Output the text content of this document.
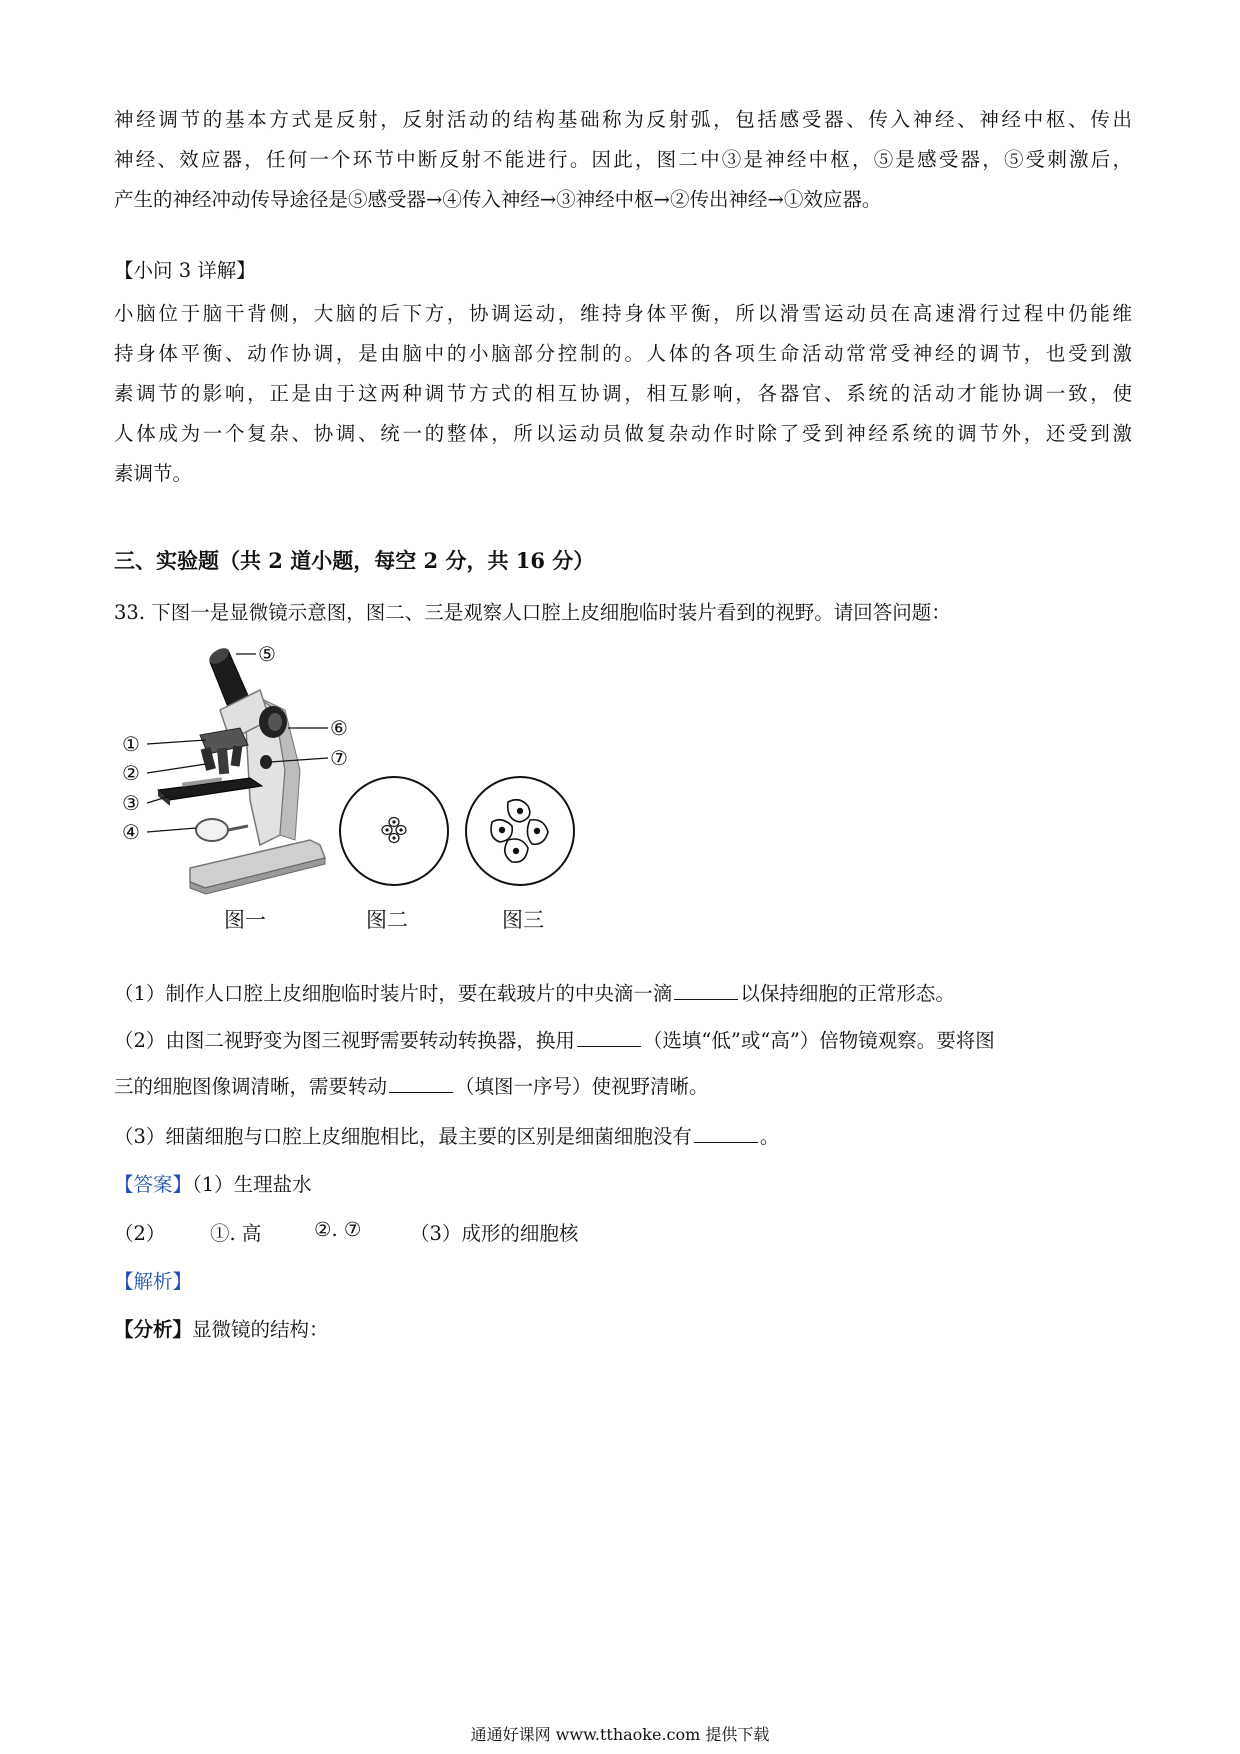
神经调节的基本方式是反射，反射活动的结构基础称为反射弧，包括感受器、传入神经、神经中枢、传出
神经、效应器，任何一个环节中断反射不能进行。因此，图二中③是神经中枢，⑤是感受器，⑤受刺激后，
产生的神经冲动传导途径是⑤感受器→④传入神经→③神经中枢→②传出神经→①效应器。
【小问 3 详解】
小脑位于脑干背侧，大脑的后下方，协调运动，维持身体平衡，所以滑雪运动员在高速滑行过程中仍能维
持身体平衡、动作协调，是由脑中的小脑部分控制的。人体的各项生命活动常常受神经的调节，也受到激
素调节的影响，正是由于这两种调节方式的相互协调，相互影响，各器官、系统的活动才能协调一致，使
人体成为一个复杂、协调、统一的整体，所以运动员做复杂动作时除了受到神经系统的调节外，还受到激
素调节。
三、实验题（共 2 道小题，每空 2 分，共 16 分）
33. 下图一是显微镜示意图，图二、三是观察人口腔上皮细胞临时装片看到的视野。请回答问题：
⑤
⑥
⑦
①
②
③
④
图一	图二	图三
（1）制作人口腔上皮细胞临时装片时，要在载玻片的中央滴一滴	以保持细胞的正常形态。
（2）由图二视野变为图三视野需要转动转换器，换用	（选填“低”或“高”）倍物镜观察。要将图
三的细胞图像调清晰，需要转动	（填图一序号）使视野清晰。
（3）细菌细胞与口腔上皮细胞相比，最主要的区别是细菌细胞没有	。
【答案】（1）生理盐水
（2） ①. 高	②. ⑦ （3）成形的细胞核
【解析】
【分析】显微镜的结构：
通通好课网 www.tthaoke.com 提供下载
